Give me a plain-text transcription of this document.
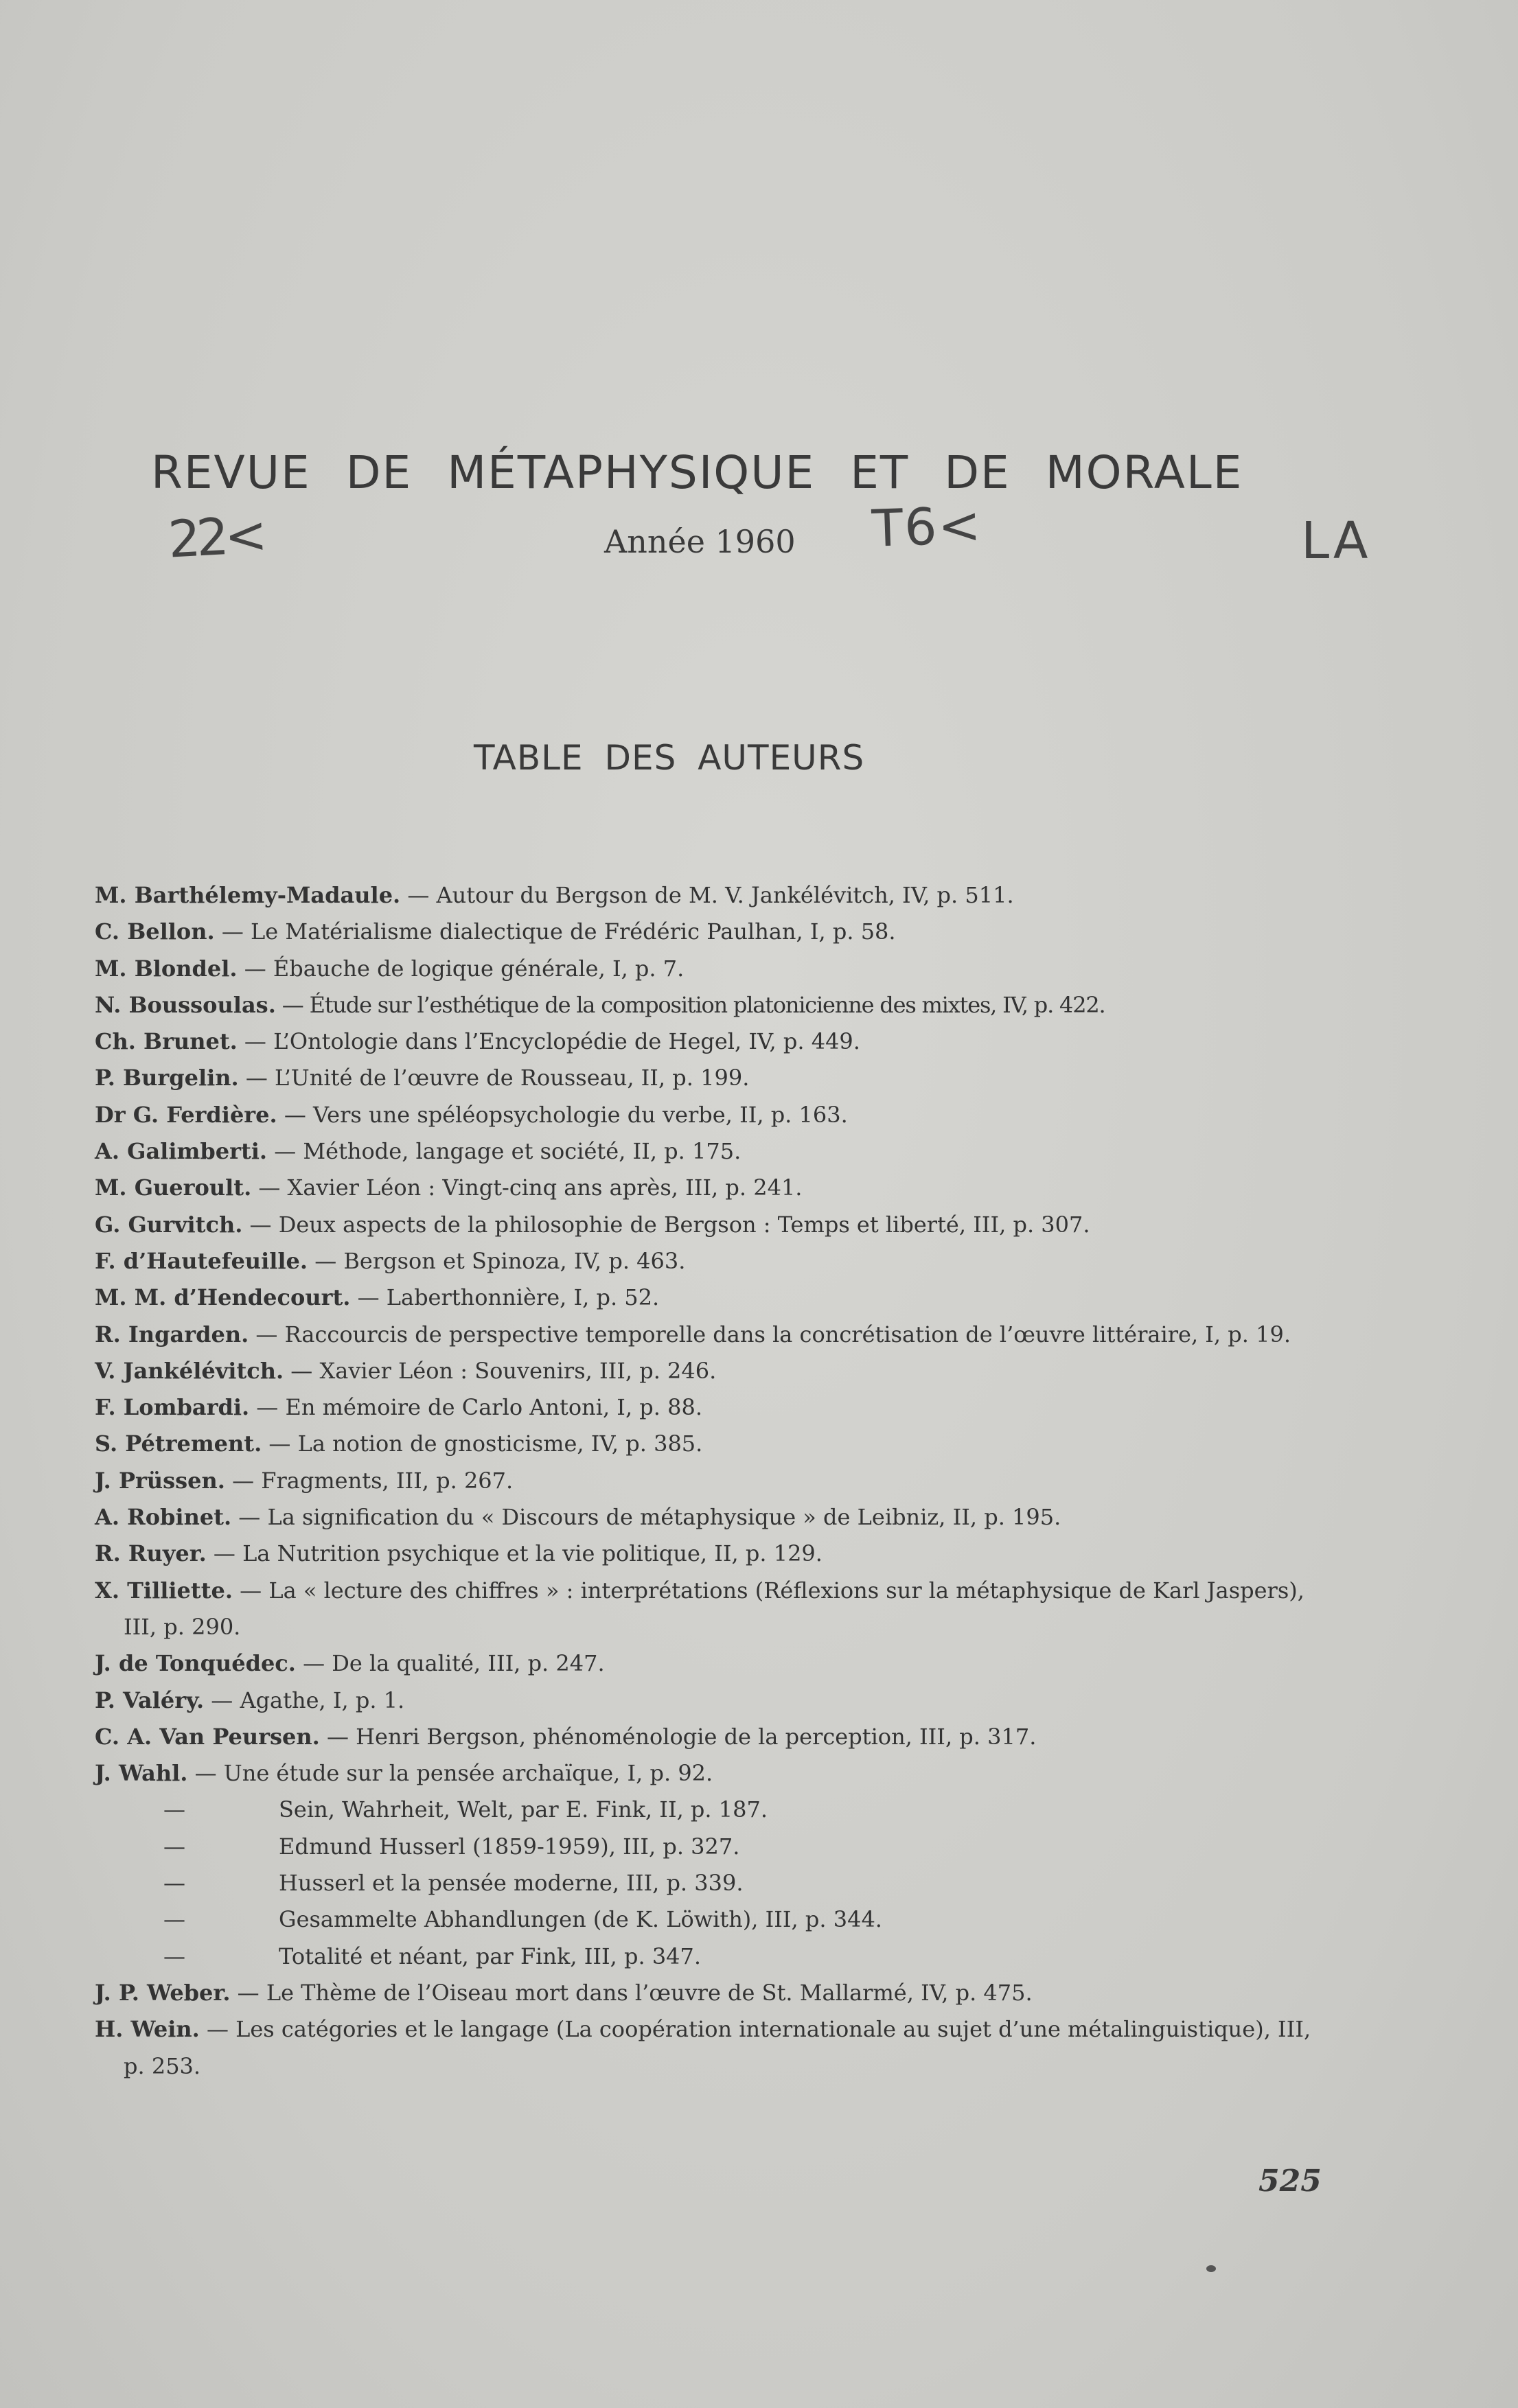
REVUE DE MÉTAPHYSIQUE ET DE MORALE
22<	Année 1960 T6<	LA
TABLE DES AUTEURS

M. Barthélemy-Madaule. — Autour du Bergson de M. V. Jankélévitch, IV, p. 511.

C. Bellon. — Le Matérialisme dialectique de Frédéric Paulhan, I, p. 58.

M. Blondel. — Ébauche de logique générale, I, p. 7.

N. Boussoulas. — Étude sur l’esthétique de la composition platonicienne des mixtes, IV, p. 422.

Ch. Brunet. — L’Ontologie dans l’Encyclopédie de Hegel, IV, p. 449.

P. Burgelin. — L’Unité de l’œuvre de Rousseau, II, p. 199.

Dr G. Ferdière. — Vers une spéléopsychologie du verbe, II, p. 163.

A. Galimberti. — Méthode, langage et société, II, p. 175.

M. Gueroult. — Xavier Léon : Vingt-cinq ans après, III, p. 241.

G. Gurvitch. — Deux aspects de la philosophie de Bergson : Temps et liberté, III, p. 307.

F. d’Hautefeuille. — Bergson et Spinoza, IV, p. 463.

M. M. d’Hendecourt. — Laberthonnière, I, p. 52.

R. Ingarden. — Raccourcis de perspective temporelle dans la concrétisation de l’œuvre littéraire, I, p. 19.

V. Jankélévitch. — Xavier Léon : Souvenirs, III, p. 246.

F. Lombardi. — En mémoire de Carlo Antoni, I, p. 88.

S. Pétrement. — La notion de gnosticisme, IV, p. 385.

J. Prüssen. — Fragments, III, p. 267.

A. Robinet. — La signification du « Discours de métaphysique » de Leibniz, II, p. 195.

R. Ruyer. — La Nutrition psychique et la vie politique, II, p. 129.

X. Tilliette. — La « lecture des chiffres » : interprétations (Réflexions sur la métaphysique de Karl Jaspers), III, p. 290.

J. de Tonquédec. — De la qualité, III, p. 247.

P. Valéry. — Agathe, I, p. 1.

C. A. Van Peursen. — Henri Bergson, phénoménologie de la perception, III, p. 317.

J. Wahl. — Une étude sur la pensée archaïque, I, p. 92.

—	Sein, Wahrheit, Welt, par E. Fink, II, p. 187.

—	Edmund Husserl (1859-1959), III, p. 327.

—	Husserl et la pensée moderne, III, p. 339.

—	Gesammelte Abhandlungen (de K. Löwith), III, p. 344.

—	Totalité et néant, par Fink, III, p. 347.

J. P. Weber. — Le Thème de l’Oiseau mort dans l’œuvre de St. Mallarmé, IV, p. 475.

H. Wein. — Les catégories et le langage (La coopération internationale au sujet d’une métalinguistique), III, p. 253.

525
